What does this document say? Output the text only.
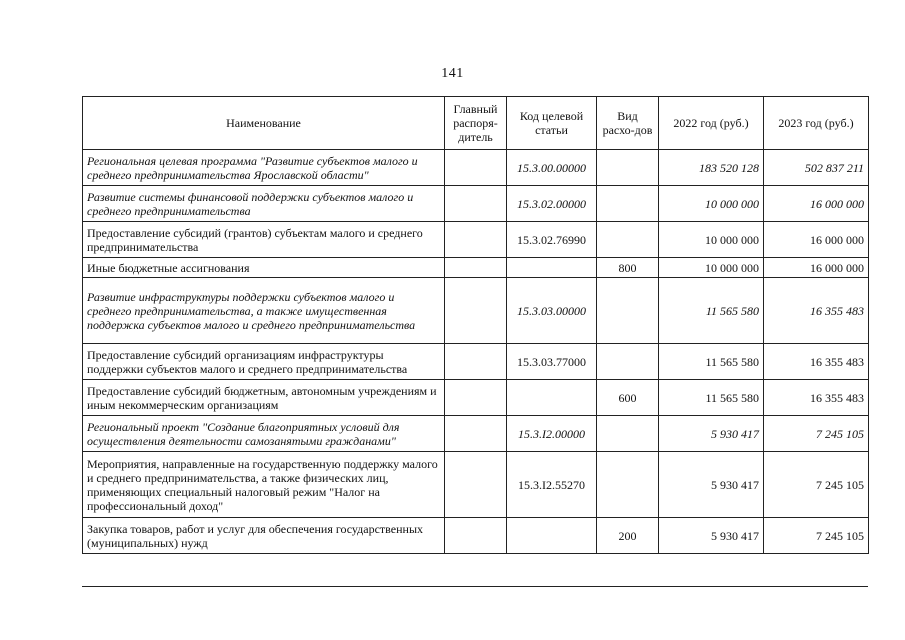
141
Наименование	Главный распоря-дитель	Код целевой статьи	Вид расхо-дов	2022 год (руб.)	2023 год (руб.)
Региональная целевая программа "Развитие субъектов малого и среднего предпринимательства Ярославской области"		15.3.00.00000		183 520 128	502 837 211
Развитие системы финансовой поддержки субъектов малого и среднего предпринимательства		15.3.02.00000		10 000 000	16 000 000
Предоставление субсидий (грантов) субъектам малого и среднего предпринимательства		15.3.02.76990		10 000 000	16 000 000
Иные бюджетные ассигнования			800	10 000 000	16 000 000
Развитие инфраструктуры поддержки субъектов малого и среднего предпринимательства, а также имущественная поддержка субъектов малого и среднего предпринимательства		15.3.03.00000		11 565 580	16 355 483
Предоставление субсидий организациям инфраструктуры поддержки субъектов малого и среднего предпринимательства		15.3.03.77000		11 565 580	16 355 483
Предоставление субсидий бюджетным, автономным учреждениям и иным некоммерческим организациям			600	11 565 580	16 355 483
Региональный проект "Создание благоприятных условий для осуществления деятельности самозанятыми гражданами"		15.3.I2.00000		5 930 417	7 245 105
Мероприятия, направленные на государственную поддержку малого и среднего предпринимательства, а также физических лиц, применяющих специальный налоговый режим "Налог на профессиональный доход"		15.3.I2.55270		5 930 417	7 245 105
Закупка товаров, работ и услуг для обеспечения государственных (муниципальных) нужд			200	5 930 417	7 245 105
